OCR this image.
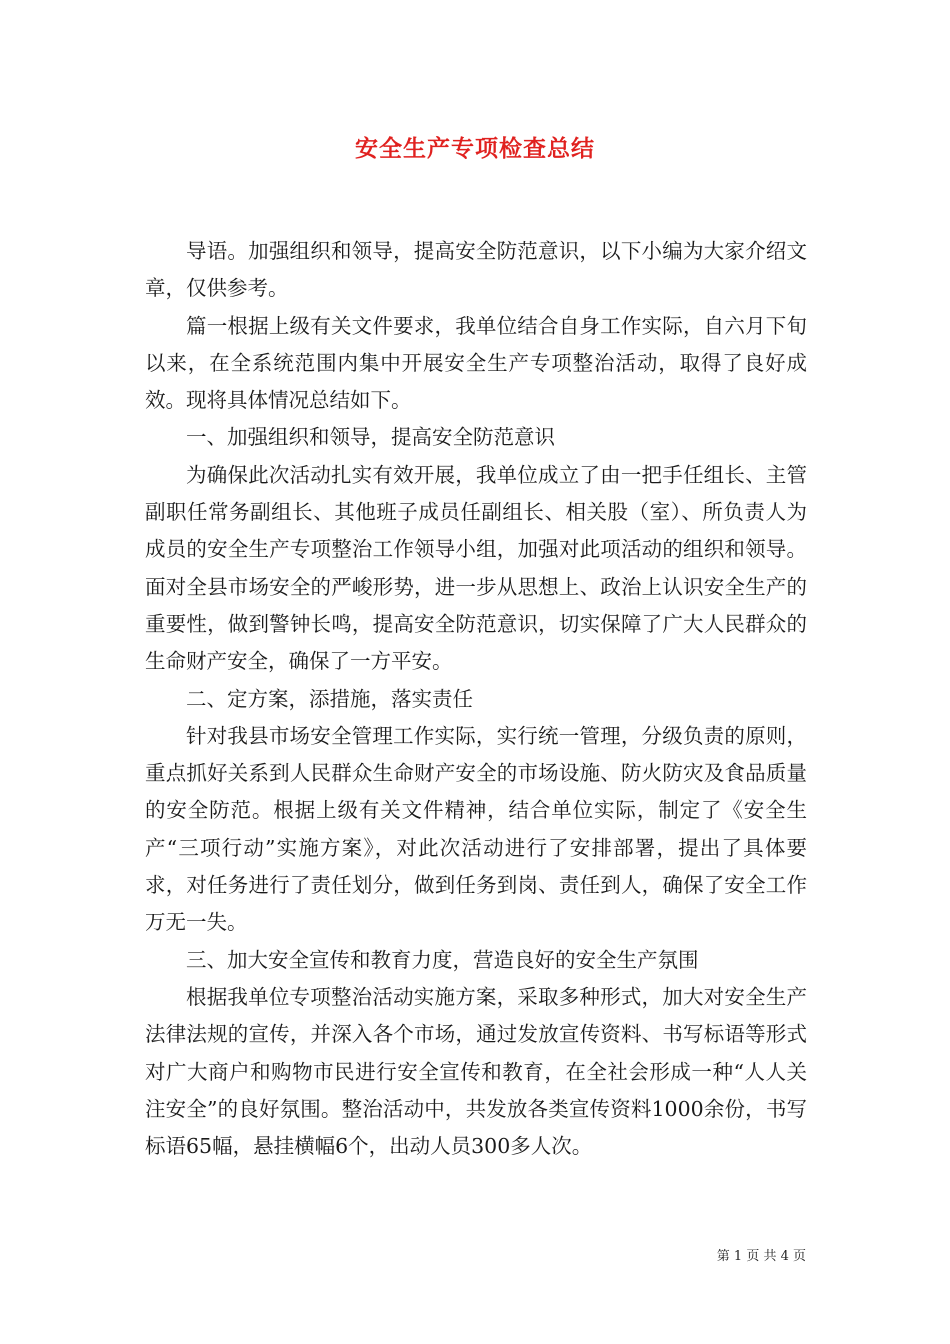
安全生产专项检查总结

导语。加强组织和领导，提高安全防范意识，以下小编为大家介绍文章，仅供参考。

篇一根据上级有关文件要求，我单位结合自身工作实际，自六月下旬以来，在全系统范围内集中开展安全生产专项整治活动，取得了良好成效。现将具体情况总结如下。

一、加强组织和领导，提高安全防范意识

为确保此次活动扎实有效开展，我单位成立了由一把手任组长、主管副职任常务副组长、其他班子成员任副组长、相关股（室）、所负责人为成员的安全生产专项整治工作领导小组，加强对此项活动的组织和领导。面对全县市场安全的严峻形势，进一步从思想上、政治上认识安全生产的重要性，做到警钟长鸣，提高安全防范意识，切实保障了广大人民群众的生命财产安全，确保了一方平安。

二、定方案，添措施，落实责任

针对我县市场安全管理工作实际，实行统一管理，分级负责的原则，重点抓好关系到人民群众生命财产安全的市场设施、防火防灾及食品质量的安全防范。根据上级有关文件精神，结合单位实际，制定了《安全生产“三项行动”实施方案》，对此次活动进行了安排部署，提出了具体要求，对任务进行了责任划分，做到任务到岗、责任到人，确保了安全工作万无一失。

三、加大安全宣传和教育力度，营造良好的安全生产氛围

根据我单位专项整治活动实施方案，采取多种形式，加大对安全生产法律法规的宣传，并深入各个市场，通过发放宣传资料、书写标语等形式对广大商户和购物市民进行安全宣传和教育，在全社会形成一种“人人关注安全”的良好氛围。整治活动中，共发放各类宣传资料1000余份，书写标语65幅，悬挂横幅6个，出动人员300多人次。

第 1 页 共 4 页
